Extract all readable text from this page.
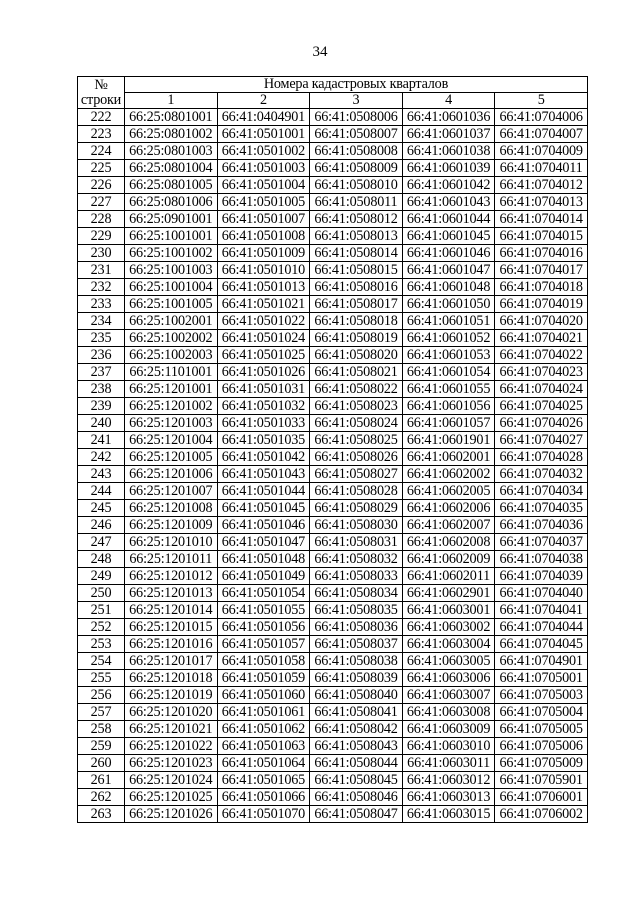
34
№	Номера кадастровых кварталов				
строки	1	2	3	4	5
222	66:25:0801001	66:41:0404901	66:41:0508006	66:41:0601036	66:41:0704006
223	66:25:0801002	66:41:0501001	66:41:0508007	66:41:0601037	66:41:0704007
224	66:25:0801003	66:41:0501002	66:41:0508008	66:41:0601038	66:41:0704009
225	66:25:0801004	66:41:0501003	66:41:0508009	66:41:0601039	66:41:0704011
226	66:25:0801005	66:41:0501004	66:41:0508010	66:41:0601042	66:41:0704012
227	66:25:0801006	66:41:0501005	66:41:0508011	66:41:0601043	66:41:0704013
228	66:25:0901001	66:41:0501007	66:41:0508012	66:41:0601044	66:41:0704014
229	66:25:1001001	66:41:0501008	66:41:0508013	66:41:0601045	66:41:0704015
230	66:25:1001002	66:41:0501009	66:41:0508014	66:41:0601046	66:41:0704016
231	66:25:1001003	66:41:0501010	66:41:0508015	66:41:0601047	66:41:0704017
232	66:25:1001004	66:41:0501013	66:41:0508016	66:41:0601048	66:41:0704018
233	66:25:1001005	66:41:0501021	66:41:0508017	66:41:0601050	66:41:0704019
234	66:25:1002001	66:41:0501022	66:41:0508018	66:41:0601051	66:41:0704020
235	66:25:1002002	66:41:0501024	66:41:0508019	66:41:0601052	66:41:0704021
236	66:25:1002003	66:41:0501025	66:41:0508020	66:41:0601053	66:41:0704022
237	66:25:1101001	66:41:0501026	66:41:0508021	66:41:0601054	66:41:0704023
238	66:25:1201001	66:41:0501031	66:41:0508022	66:41:0601055	66:41:0704024
239	66:25:1201002	66:41:0501032	66:41:0508023	66:41:0601056	66:41:0704025
240	66:25:1201003	66:41:0501033	66:41:0508024	66:41:0601057	66:41:0704026
241	66:25:1201004	66:41:0501035	66:41:0508025	66:41:0601901	66:41:0704027
242	66:25:1201005	66:41:0501042	66:41:0508026	66:41:0602001	66:41:0704028
243	66:25:1201006	66:41:0501043	66:41:0508027	66:41:0602002	66:41:0704032
244	66:25:1201007	66:41:0501044	66:41:0508028	66:41:0602005	66:41:0704034
245	66:25:1201008	66:41:0501045	66:41:0508029	66:41:0602006	66:41:0704035
246	66:25:1201009	66:41:0501046	66:41:0508030	66:41:0602007	66:41:0704036
247	66:25:1201010	66:41:0501047	66:41:0508031	66:41:0602008	66:41:0704037
248	66:25:1201011	66:41:0501048	66:41:0508032	66:41:0602009	66:41:0704038
249	66:25:1201012	66:41:0501049	66:41:0508033	66:41:0602011	66:41:0704039
250	66:25:1201013	66:41:0501054	66:41:0508034	66:41:0602901	66:41:0704040
251	66:25:1201014	66:41:0501055	66:41:0508035	66:41:0603001	66:41:0704041
252	66:25:1201015	66:41:0501056	66:41:0508036	66:41:0603002	66:41:0704044
253	66:25:1201016	66:41:0501057	66:41:0508037	66:41:0603004	66:41:0704045
254	66:25:1201017	66:41:0501058	66:41:0508038	66:41:0603005	66:41:0704901
255	66:25:1201018	66:41:0501059	66:41:0508039	66:41:0603006	66:41:0705001
256	66:25:1201019	66:41:0501060	66:41:0508040	66:41:0603007	66:41:0705003
257	66:25:1201020	66:41:0501061	66:41:0508041	66:41:0603008	66:41:0705004
258	66:25:1201021	66:41:0501062	66:41:0508042	66:41:0603009	66:41:0705005
259	66:25:1201022	66:41:0501063	66:41:0508043	66:41:0603010	66:41:0705006
260	66:25:1201023	66:41:0501064	66:41:0508044	66:41:0603011	66:41:0705009
261	66:25:1201024	66:41:0501065	66:41:0508045	66:41:0603012	66:41:0705901
262	66:25:1201025	66:41:0501066	66:41:0508046	66:41:0603013	66:41:0706001
263	66:25:1201026	66:41:0501070	66:41:0508047	66:41:0603015	66:41:0706002
